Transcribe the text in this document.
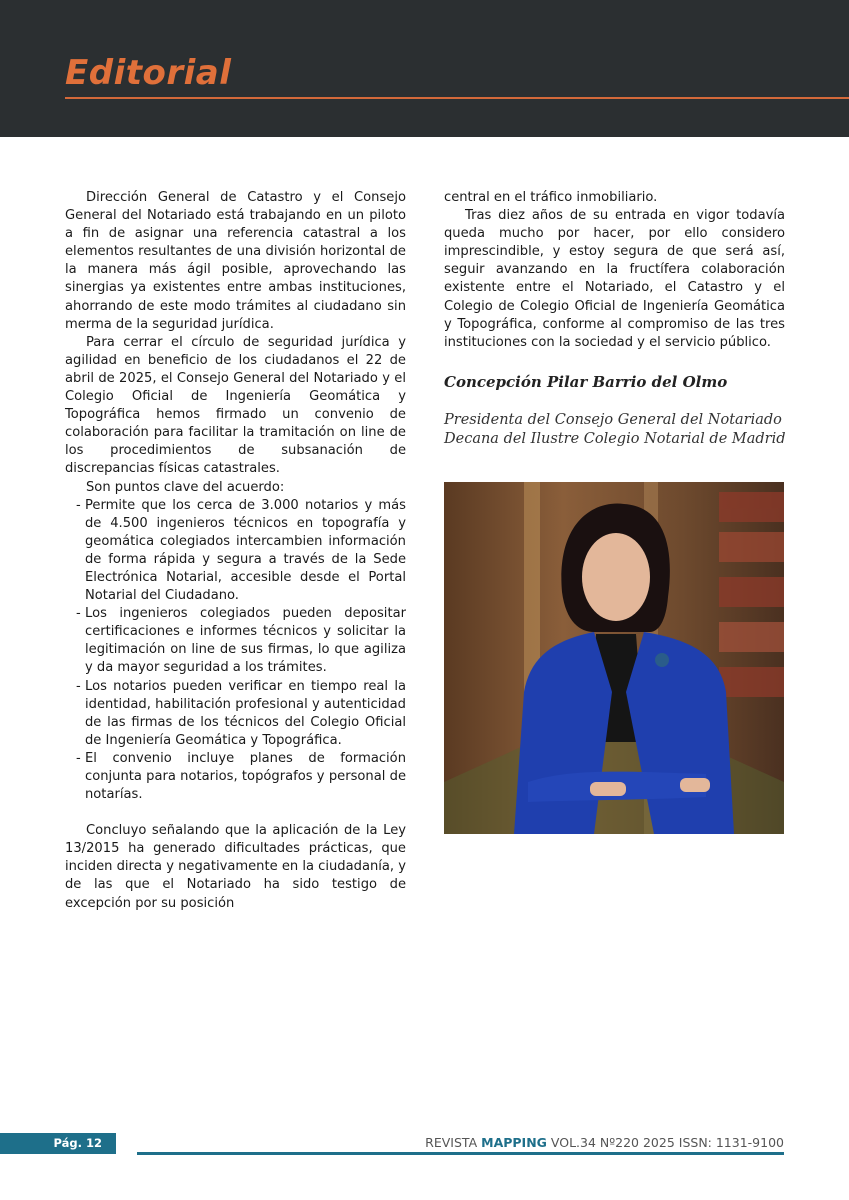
Editorial

Dirección General de Catastro y el Consejo General del Notariado está trabajando en un piloto a fin de asignar una referencia catastral a los elementos resultantes de una división horizontal de la manera más ágil posible, aprovechando las sinergias ya existentes entre ambas instituciones, ahorrando de este modo trámites al ciudadano sin merma de la seguridad jurídica.

Para cerrar el círculo de seguridad jurídica y agilidad en beneficio de los ciudadanos el 22 de abril de 2025, el Consejo General del Notariado y el Colegio Oficial de Ingeniería Geomática y Topográfica hemos firmado un convenio de colaboración para facilitar la tramitación on line de los procedimientos de subsanación de discrepancias físicas catastrales.

Son puntos clave del acuerdo:

- Permite que los cerca de 3.000 notarios y más de 4.500 ingenieros técnicos en topografía y geomática colegiados intercambien información de forma rápida y segura a través de la Sede Electrónica Notarial, accesible desde el Portal Notarial del Ciudadano.
- Los ingenieros colegiados pueden depositar certificaciones e informes técnicos y solicitar la legitimación on line de sus firmas, lo que agiliza y da mayor seguridad a los trámites.
- Los notarios pueden verificar en tiempo real la identidad, habilitación profesional y autenticidad de las firmas de los técnicos del Colegio Oficial de Ingeniería Geomática y Topográfica.
- El convenio incluye planes de formación conjunta para notarios, topógrafos y personal de notarías.

Concluyo señalando que la aplicación de la Ley 13/2015 ha generado dificultades prácticas, que inciden directa y negativamente en la ciudadanía, y de las que el Notariado ha sido testigo de excepción por su posición

central en el tráfico inmobiliario.

Tras diez años de su entrada en vigor todavía queda mucho por hacer, por ello considero imprescindible, y estoy segura de que será así, seguir avanzando en la fructífera colaboración existente entre el Notariado, el Catastro y el Colegio de Colegio Oficial de Ingeniería Geomática y Topográfica, conforme al compromiso de las tres instituciones con la sociedad y el servicio público.

Concepción Pilar Barrio del Olmo
Presidenta del Consejo General del Notariado
Decana del Ilustre Colegio Notarial de Madrid
Pág. 12	REVISTA MAPPING VOL.34 Nº220 2025 ISSN: 1131-9100
